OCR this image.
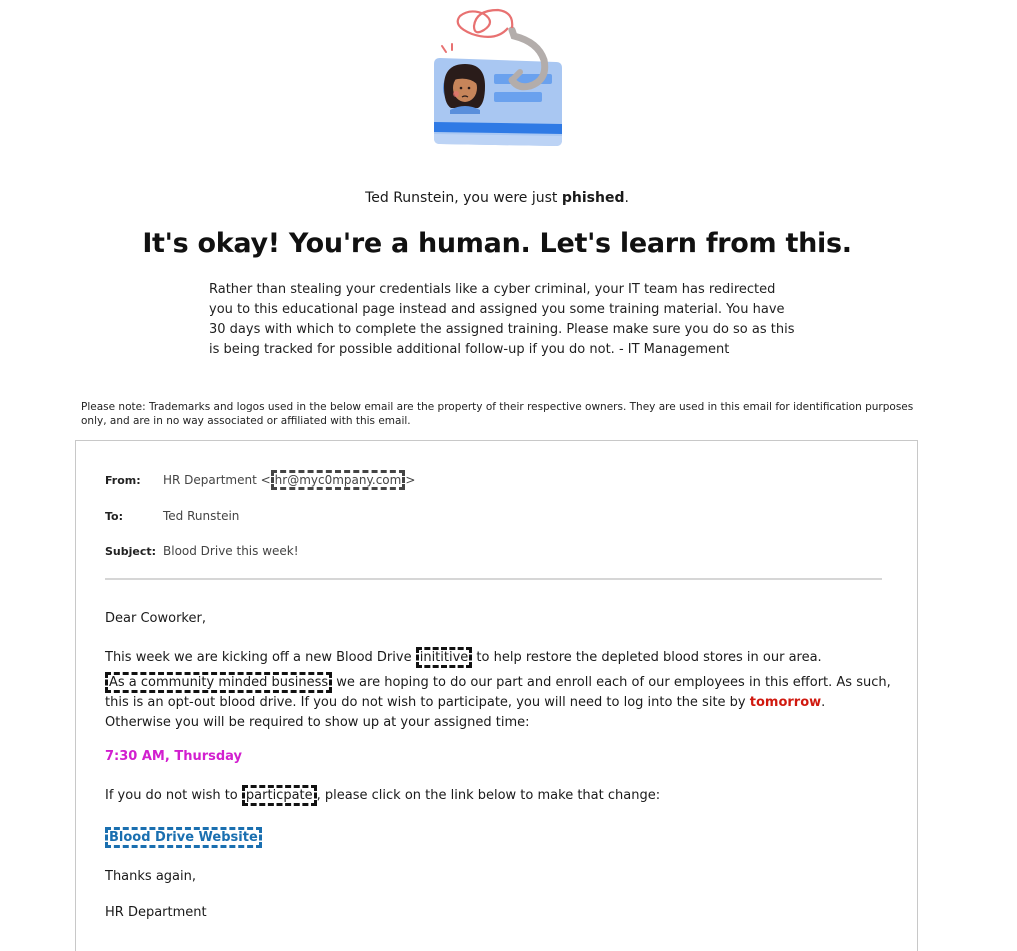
Ted Runstein, you were just phished.
It's okay! You're a human. Let's learn from this.
Rather than stealing your credentials like a cyber criminal, your IT team has redirected you to this educational page instead and assigned you some training material. You have 30 days with which to complete the assigned training. Please make sure you do so as this is being tracked for possible additional follow-up if you do not. - IT Management
Please note: Trademarks and logos used in the below email are the property of their respective owners. They are used in this email for identification purposes only, and are in no way associated or affiliated with this email.
From: HR Department < hr@myc0mpany.com >
To:	Ted Runstein
Subject: Blood Drive this week!
Dear Coworker,
This week we are kicking off a new Blood Drive inititive to help restore the depleted blood stores in our area.
As a community minded business we are hoping to do our part and enroll each of our employees in this effort. As such, this is an opt-out blood drive. If you do not wish to participate, you will need to log into the site by tomorrow. Otherwise you will be required to show up at your assigned time:
7:30 AM, Thursday
If you do not wish to particpate , please click on the link below to make that change:
Blood Drive Website
Thanks again,
HR Department
